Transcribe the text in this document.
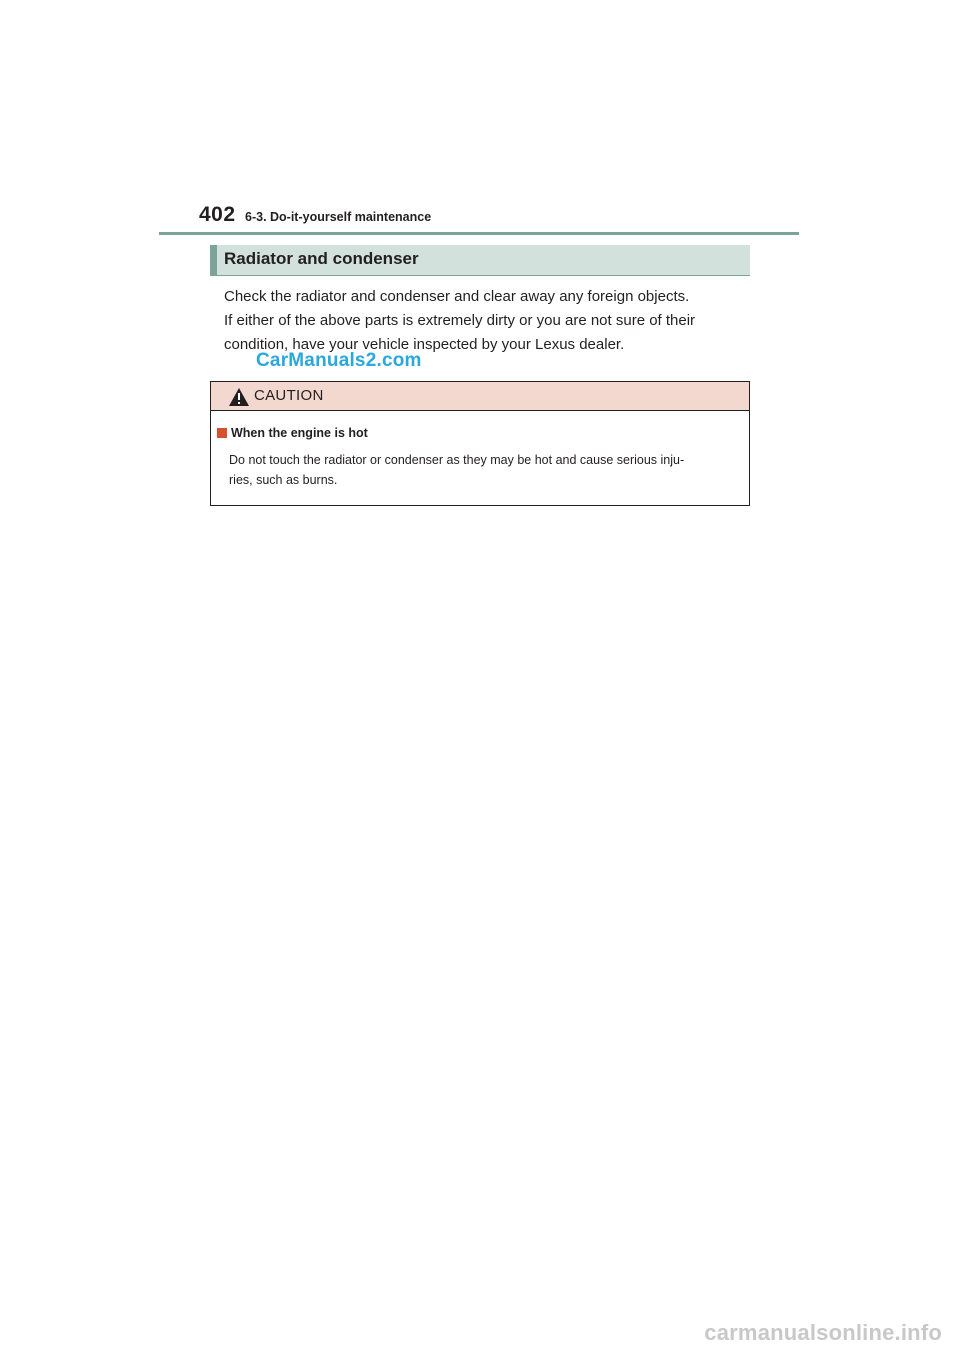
402 6-3. Do-it-yourself maintenance
Radiator and condenser
Check the radiator and condenser and clear away any foreign objects.
If either of the above parts is extremely dirty or you are not sure of their
condition, have your vehicle inspected by your Lexus dealer.
CarManuals2.com
CAUTION
When the engine is hot
Do not touch the radiator or condenser as they may be hot and cause serious inju-
ries, such as burns.
carmanualsonline.info
